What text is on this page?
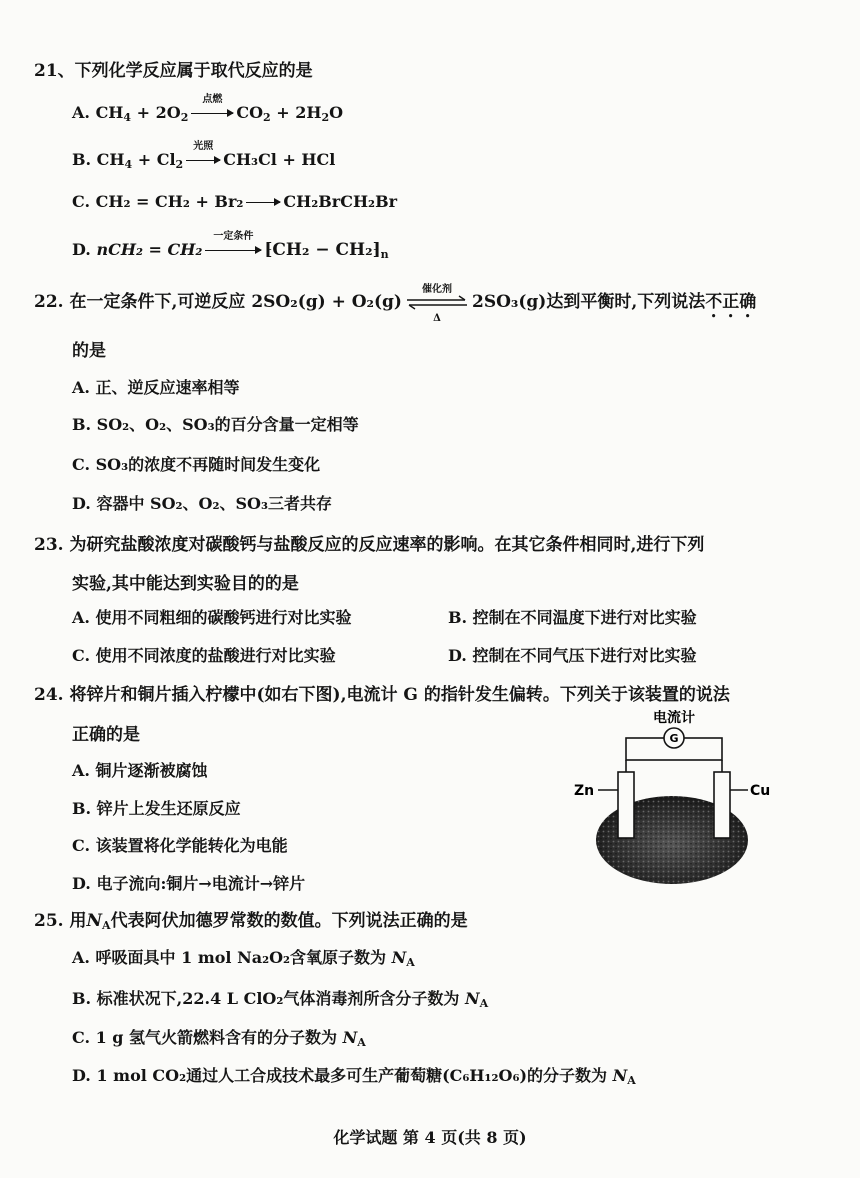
21、下列化学反应属于取代反应的是
A. $CH_4 + 2O_2$
点燃
$CO_2 + 2H_2O$
B. $CH_4 + Cl_2$
光照
CH₃Cl + HCl
C. CH₂ = CH₂ + Br₂ → CH₂BrCH₂Br
D. nCH₂ = CH₂
一定条件
⁅CH₂ − $CH_2⁆_n$
22. 在一定条件下,可逆反应 2SO₂(g) + O₂(g)
催化剂
Δ
2SO₃(g)达到平衡时,下列说法不正确
的是
A. 正、逆反应速率相等
B. SO₂、O₂、SO₃的百分含量一定相等
C. SO₃的浓度不再随时间发生变化
D. 容器中 SO₂、O₂、SO₃三者共存
23. 为研究盐酸浓度对碳酸钙与盐酸反应的反应速率的影响。在其它条件相同时,进行下列
实验,其中能达到实验目的的是
A. 使用不同粗细的碳酸钙进行对比实验	B. 控制在不同温度下进行对比实验
C. 使用不同浓度的盐酸进行对比实验	D. 控制在不同气压下进行对比实验
24. 将锌片和铜片插入柠檬中(如右下图),电流计 G 的指针发生偏转。下列关于该装置的说法
正确的是
A. 铜片逐渐被腐蚀
B. 锌片上发生还原反应
C. 该装置将化学能转化为电能
D. 电子流向:铜片→电流计→锌片
G
电流计
Zn	Cu
25. 用$N_A$代表阿伏加德罗常数的数值。下列说法正确的是
A. 呼吸面具中 1 mol Na₂O₂含氧原子数为 $N_A$
B. 标准状况下,22.4 L ClO₂气体消毒剂所含分子数为 $N_A$
C. 1 g 氢气火箭燃料含有的分子数为 $N_A$
D. 1 mol CO₂通过人工合成技术最多可生产葡萄糖(C₆H₁₂O₆)的分子数为 $N_A$
化学试题 第 4 页(共 8 页)
